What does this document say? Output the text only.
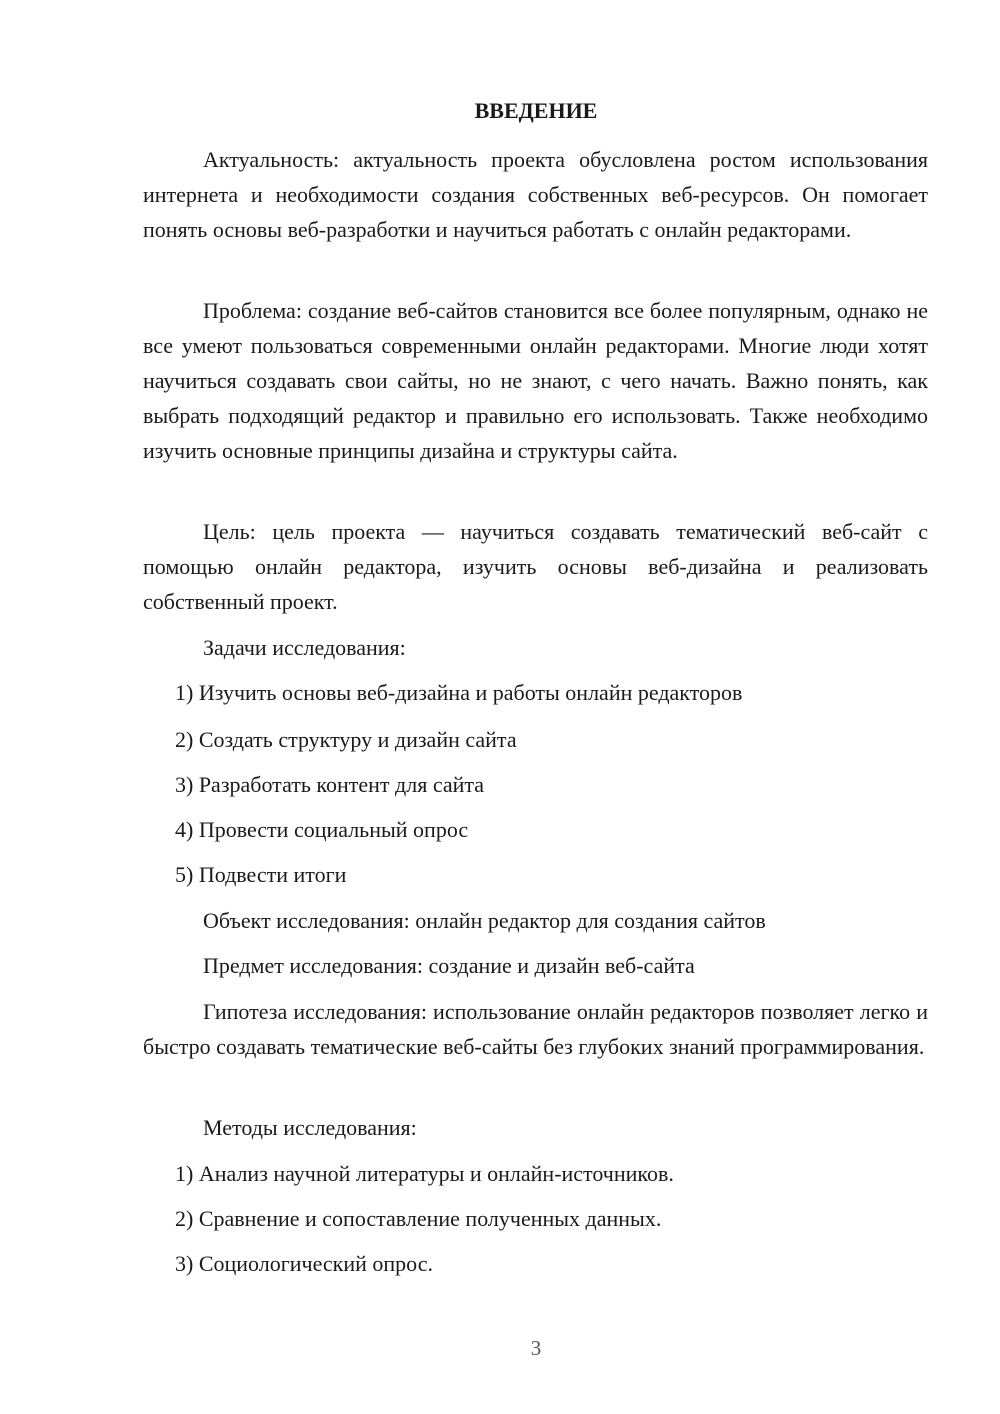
ВВЕДЕНИЕ

Актуальность: актуальность проекта обусловлена ростом использования интернета и необходимости создания собственных веб-ресурсов. Он помогает понять основы веб-разработки и научиться работать с онлайн редакторами.

Проблема: создание веб-сайтов становится все более популярным, однако не все умеют пользоваться современными онлайн редакторами. Многие люди хотят научиться создавать свои сайты, но не знают, с чего начать. Важно понять, как выбрать подходящий редактор и правильно его использовать. Также необходимо изучить основные принципы дизайна и структуры сайта.

Цель: цель проекта — научиться создавать тематический веб-сайт с помощью онлайн редактора, изучить основы веб-дизайна и реализовать собственный проект.

Задачи исследования:

1) Изучить основы веб-дизайна и работы онлайн редакторов

2) Создать структуру и дизайн сайта

3) Разработать контент для сайта

4) Провести социальный опрос

5) Подвести итоги

Объект исследования: онлайн редактор для создания сайтов

Предмет исследования: создание и дизайн веб-сайта

Гипотеза исследования: использование онлайн редакторов позволяет легко и быстро создавать тематические веб-сайты без глубоких знаний программирования.

Методы исследования:

1) Анализ научной литературы и онлайн-источников.

2) Сравнение и сопоставление полученных данных.

3) Социологический опрос.

3
